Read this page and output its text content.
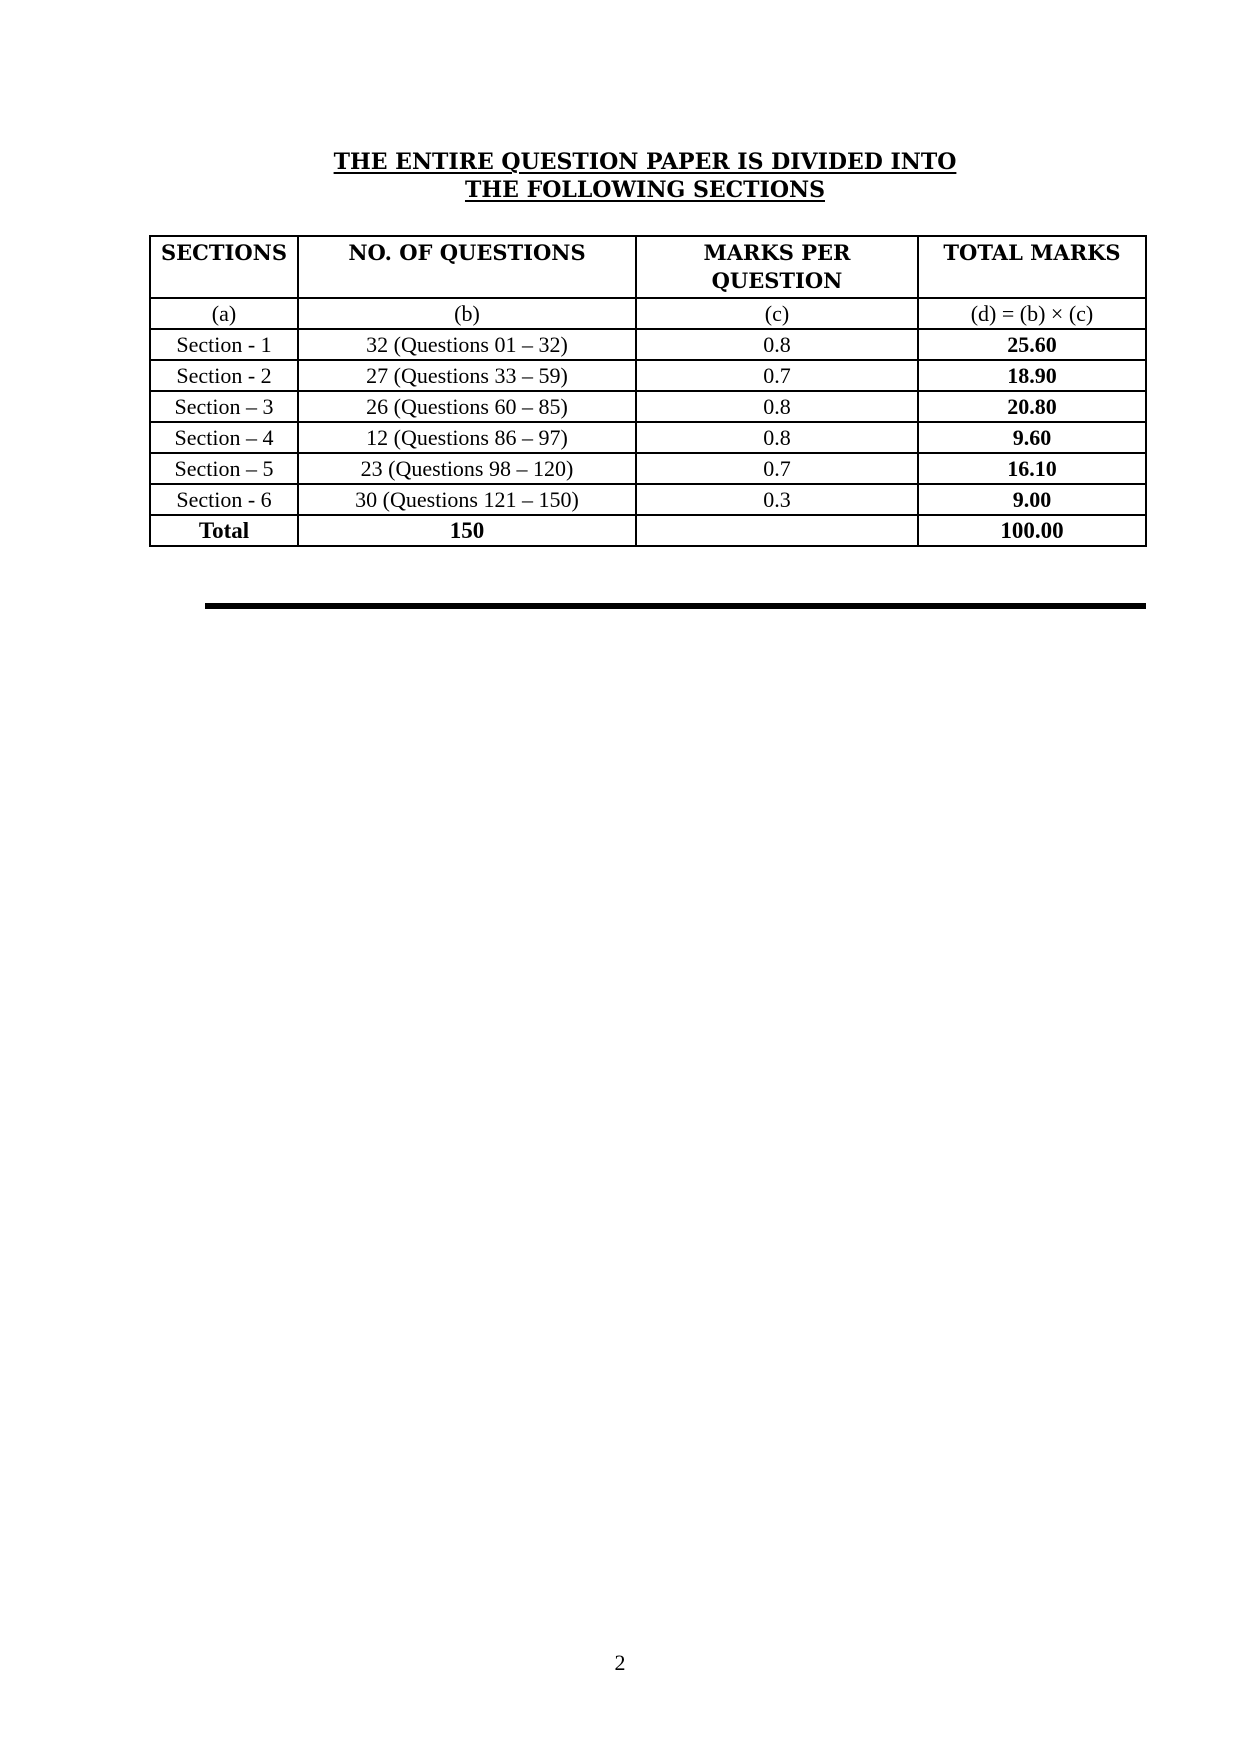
THE ENTIRE QUESTION PAPER IS DIVIDED INTO
THE FOLLOWING SECTIONS
SECTIONS	NO. OF QUESTIONS	MARKS PER QUESTION	TOTAL MARKS
(a)	(b)	(c)	(d) = (b) × (c)
Section - 1	32 (Questions 01 – 32)	0.8	25.60
Section - 2	27 (Questions 33 – 59)	0.7	18.90
Section – 3	26 (Questions 60 – 85)	0.8	20.80
Section – 4	12 (Questions 86 – 97)	0.8	9.60
Section – 5	23 (Questions 98 – 120)	0.7	16.10
Section - 6	30 (Questions 121 – 150)	0.3	9.00
Total	150		100.00
2
